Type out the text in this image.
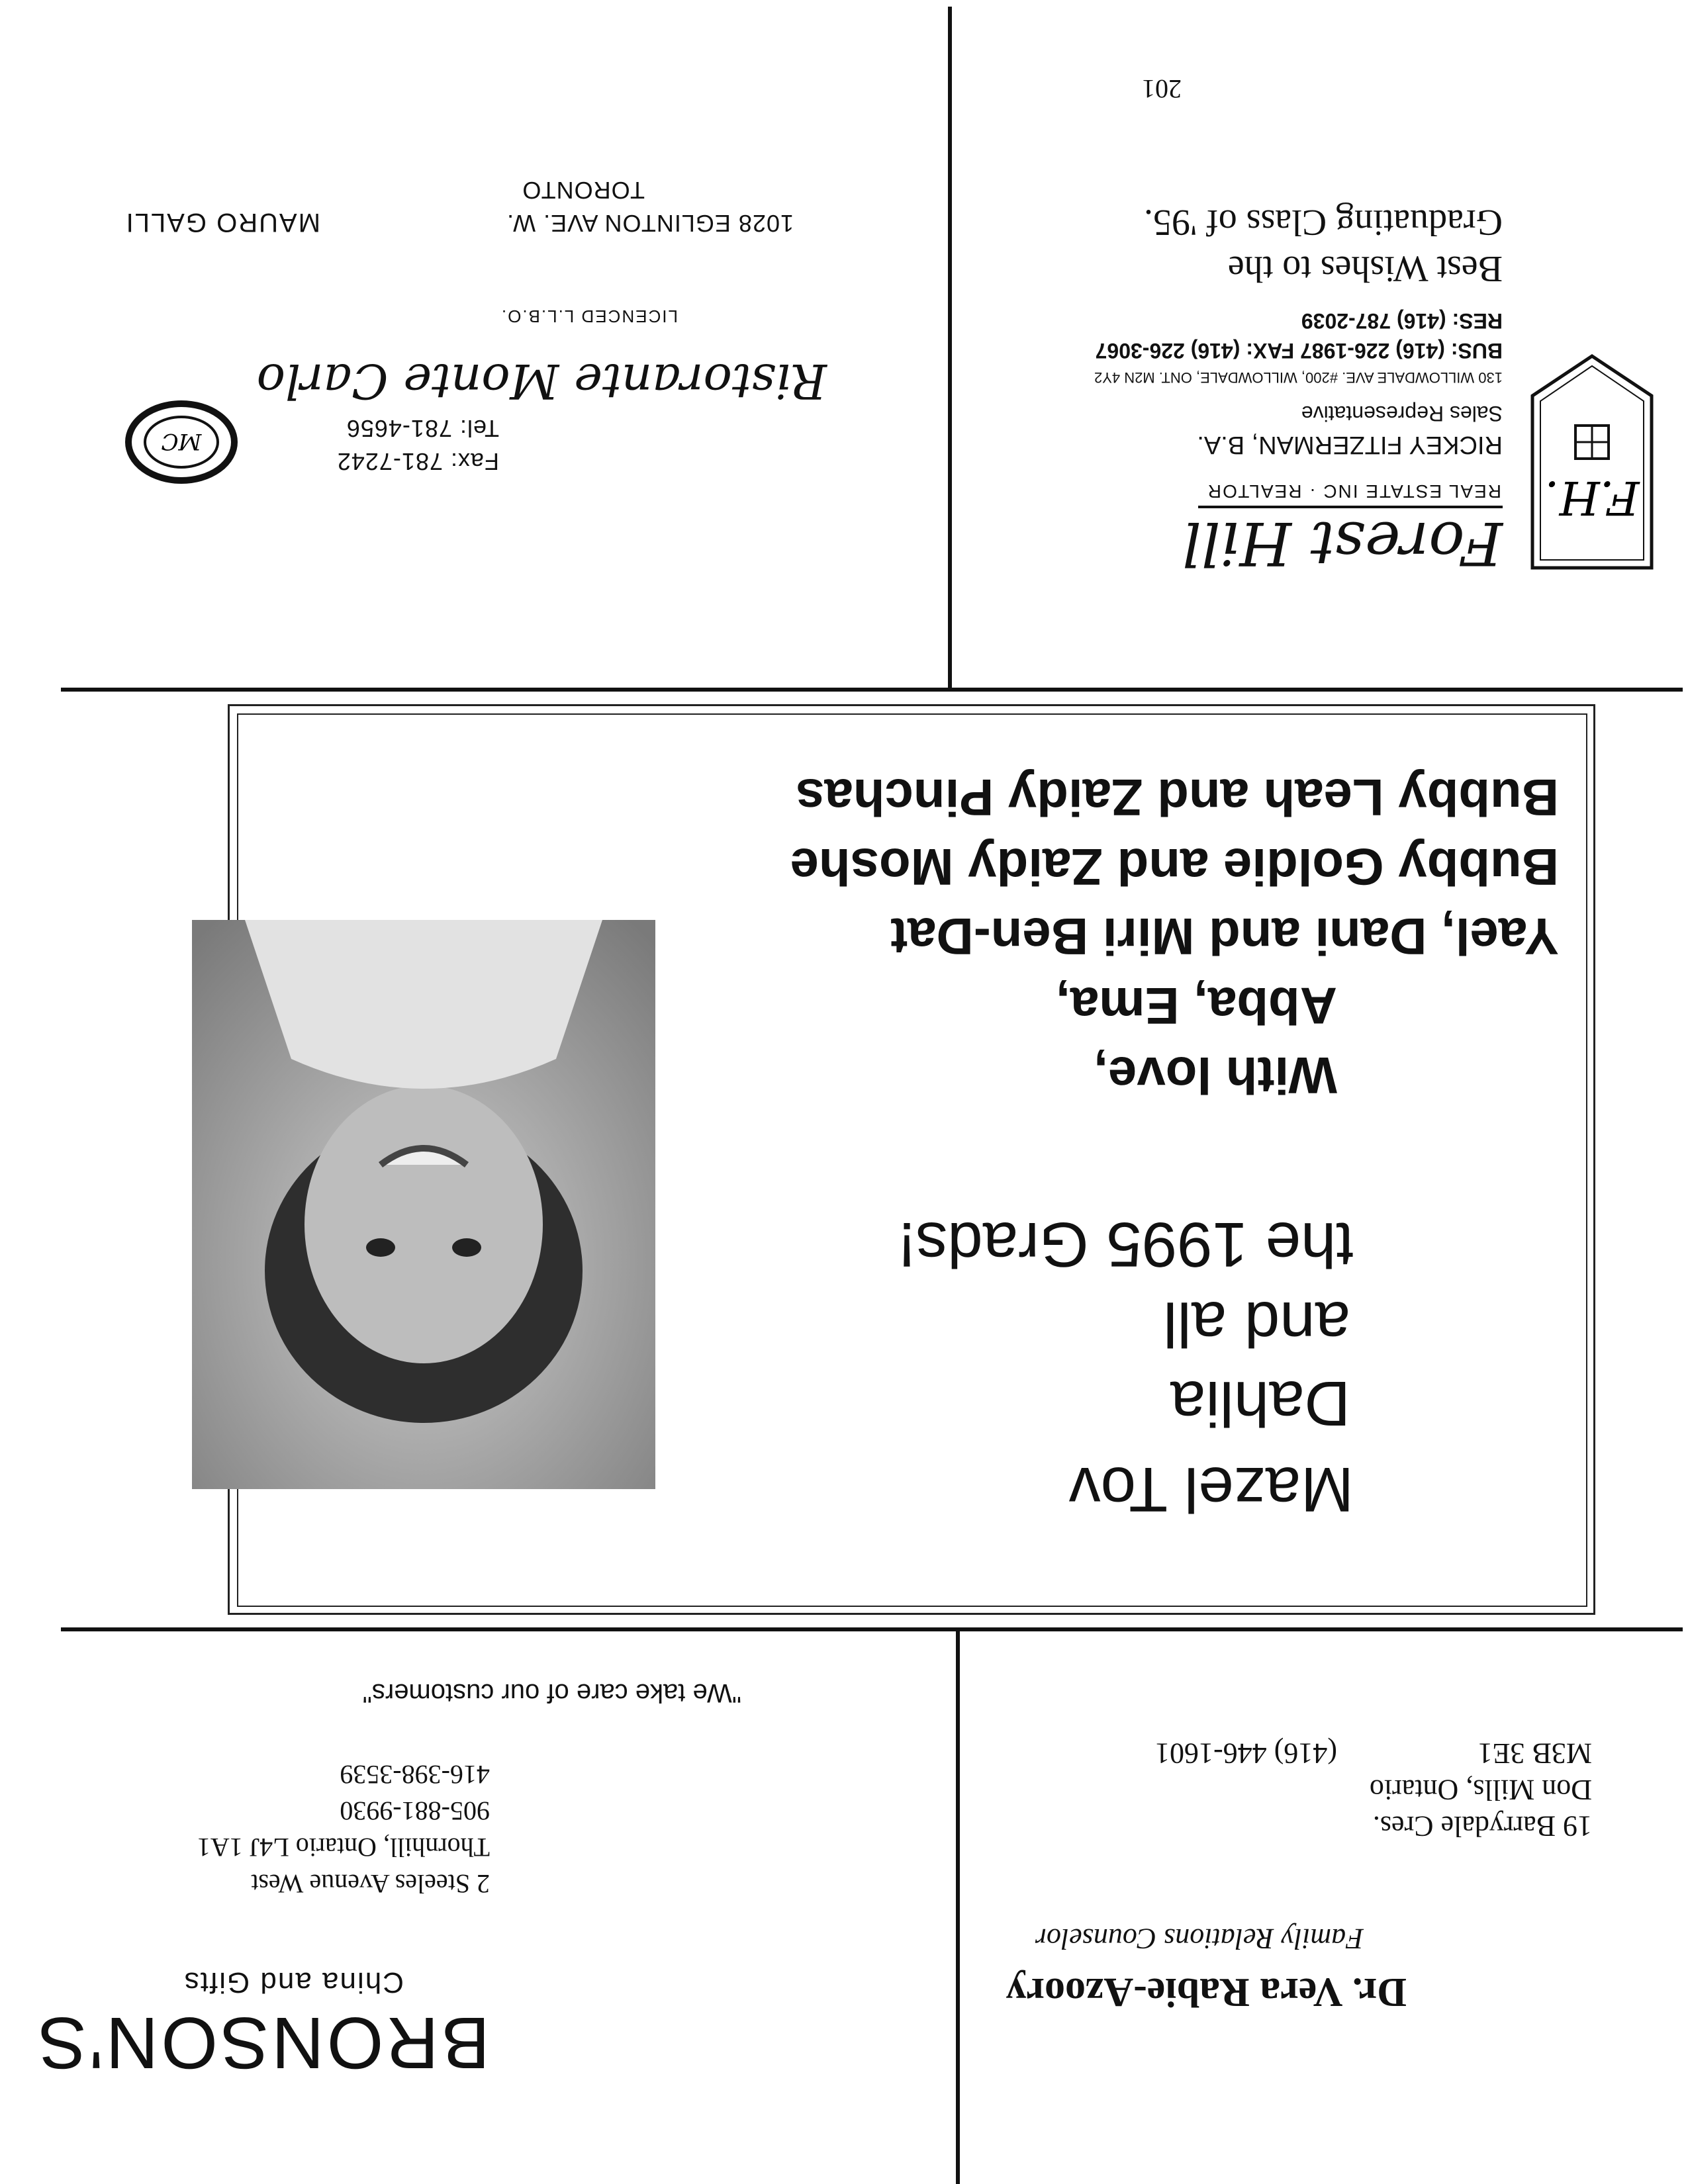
(416) 446-1601	M3B 3E1
Don Mills, Ontario
19 Barrydale Cres.
Family Relations Counselor
Dr. Vera Rabie-Azoory
"We take care of our customers"
416-398-3539
905-881-9930
Thornhill, Ontario L4J 1A1
2 Steeles Avenue West
China and Gifts
BRONSON'S
Mazel Tov
Dahlia
and all
the 1995 Grads!
With love,
Abba, Ema,
Yael, Dani and Miri Ben-Dat
Bubby Goldie and Zaidy Moshe
Bubby Leah and Zaidy Pinchas
MC	Tel: 781-4656
Fax: 781-7242
Ristorante Monte Carlo
LICENCED L.L.B.O.
MAURO GALLI	1028 EGLINTON AVE. W.
TORONTO
F.H.
Forest Hill
REAL ESTATE INC · REALTOR
RICKEY FITZERMAN, B.A.
Sales Representative
130 WILLOWDALE AVE. #200, WILLOWDALE, ONT. M2N 4Y2
BUS: (416) 226-1987 FAX: (416) 226-3067
RES: (416) 787-2039
Best Wishes to the
Graduating Class of '95.
201
